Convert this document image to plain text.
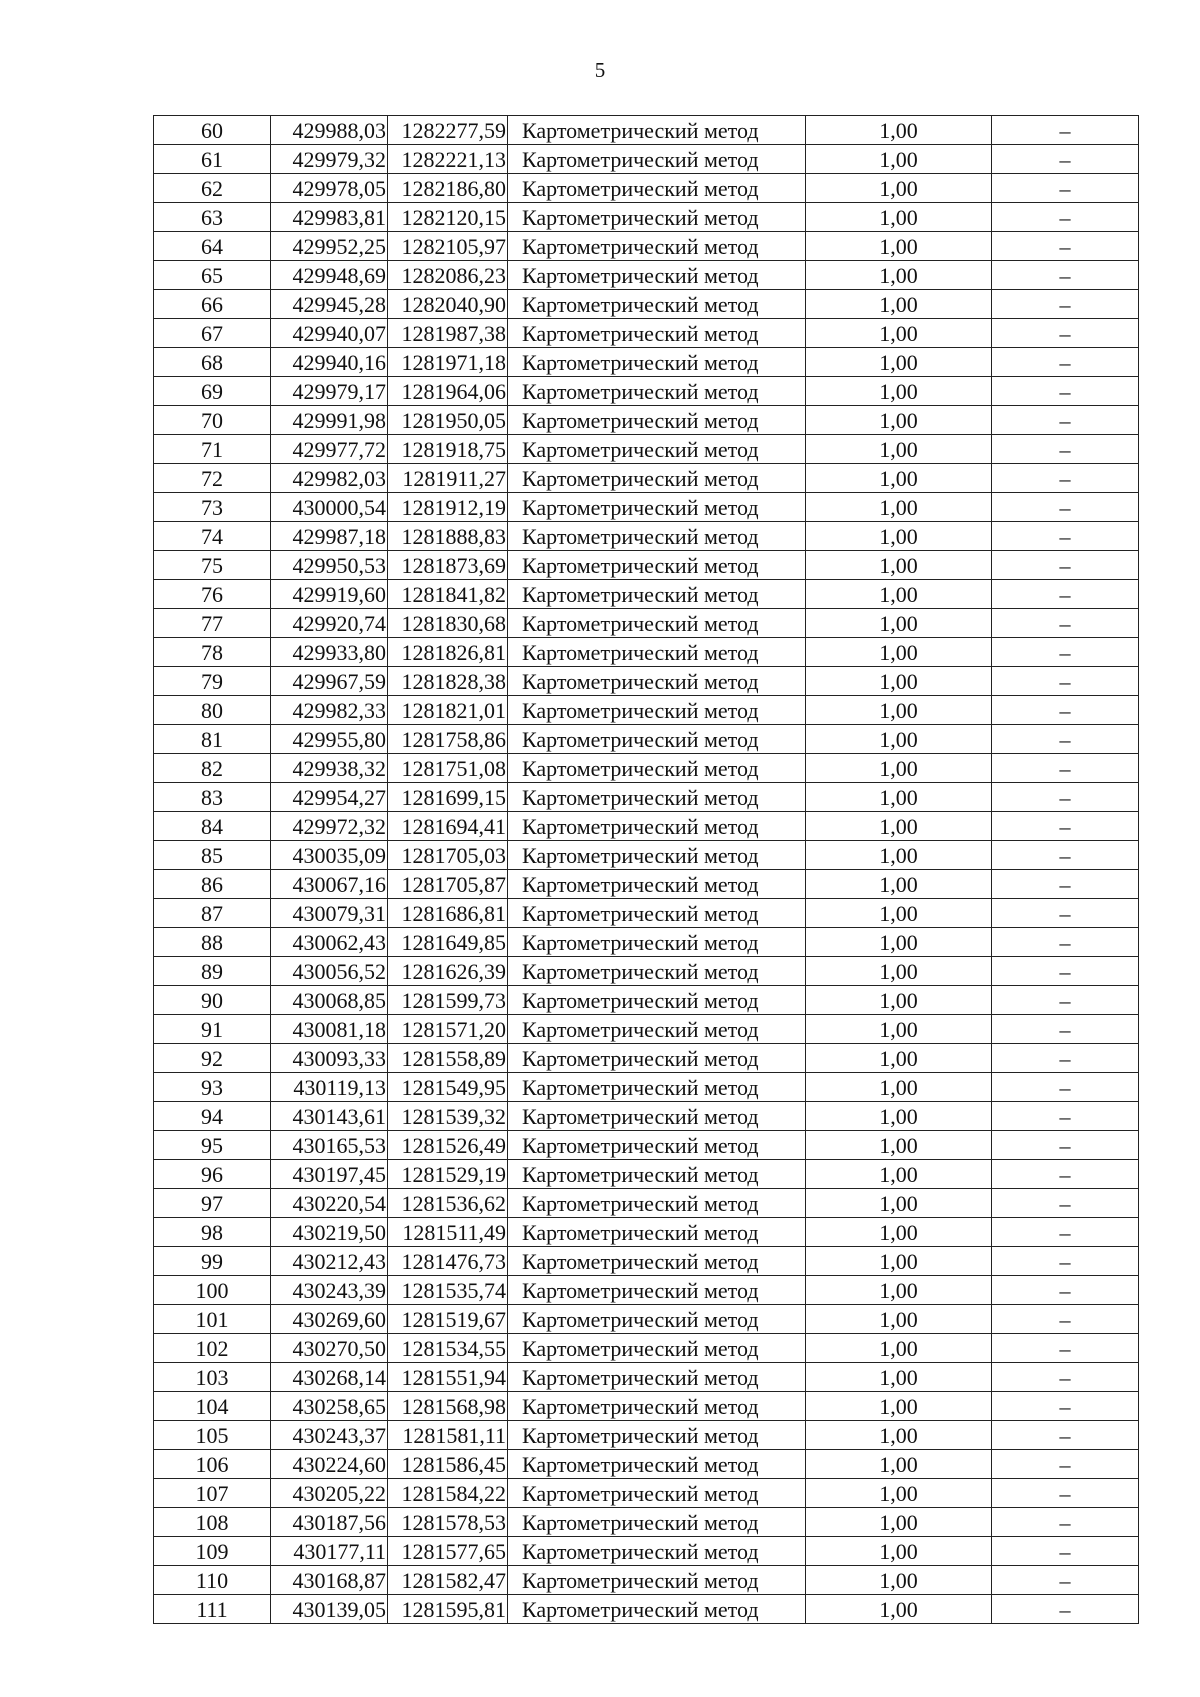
5
60	429988,03	1282277,59	Картометрический метод	1,00	–
61	429979,32	1282221,13	Картометрический метод	1,00	–
62	429978,05	1282186,80	Картометрический метод	1,00	–
63	429983,81	1282120,15	Картометрический метод	1,00	–
64	429952,25	1282105,97	Картометрический метод	1,00	–
65	429948,69	1282086,23	Картометрический метод	1,00	–
66	429945,28	1282040,90	Картометрический метод	1,00	–
67	429940,07	1281987,38	Картометрический метод	1,00	–
68	429940,16	1281971,18	Картометрический метод	1,00	–
69	429979,17	1281964,06	Картометрический метод	1,00	–
70	429991,98	1281950,05	Картометрический метод	1,00	–
71	429977,72	1281918,75	Картометрический метод	1,00	–
72	429982,03	1281911,27	Картометрический метод	1,00	–
73	430000,54	1281912,19	Картометрический метод	1,00	–
74	429987,18	1281888,83	Картометрический метод	1,00	–
75	429950,53	1281873,69	Картометрический метод	1,00	–
76	429919,60	1281841,82	Картометрический метод	1,00	–
77	429920,74	1281830,68	Картометрический метод	1,00	–
78	429933,80	1281826,81	Картометрический метод	1,00	–
79	429967,59	1281828,38	Картометрический метод	1,00	–
80	429982,33	1281821,01	Картометрический метод	1,00	–
81	429955,80	1281758,86	Картометрический метод	1,00	–
82	429938,32	1281751,08	Картометрический метод	1,00	–
83	429954,27	1281699,15	Картометрический метод	1,00	–
84	429972,32	1281694,41	Картометрический метод	1,00	–
85	430035,09	1281705,03	Картометрический метод	1,00	–
86	430067,16	1281705,87	Картометрический метод	1,00	–
87	430079,31	1281686,81	Картометрический метод	1,00	–
88	430062,43	1281649,85	Картометрический метод	1,00	–
89	430056,52	1281626,39	Картометрический метод	1,00	–
90	430068,85	1281599,73	Картометрический метод	1,00	–
91	430081,18	1281571,20	Картометрический метод	1,00	–
92	430093,33	1281558,89	Картометрический метод	1,00	–
93	430119,13	1281549,95	Картометрический метод	1,00	–
94	430143,61	1281539,32	Картометрический метод	1,00	–
95	430165,53	1281526,49	Картометрический метод	1,00	–
96	430197,45	1281529,19	Картометрический метод	1,00	–
97	430220,54	1281536,62	Картометрический метод	1,00	–
98	430219,50	1281511,49	Картометрический метод	1,00	–
99	430212,43	1281476,73	Картометрический метод	1,00	–
100	430243,39	1281535,74	Картометрический метод	1,00	–
101	430269,60	1281519,67	Картометрический метод	1,00	–
102	430270,50	1281534,55	Картометрический метод	1,00	–
103	430268,14	1281551,94	Картометрический метод	1,00	–
104	430258,65	1281568,98	Картометрический метод	1,00	–
105	430243,37	1281581,11	Картометрический метод	1,00	–
106	430224,60	1281586,45	Картометрический метод	1,00	–
107	430205,22	1281584,22	Картометрический метод	1,00	–
108	430187,56	1281578,53	Картометрический метод	1,00	–
109	430177,11	1281577,65	Картометрический метод	1,00	–
110	430168,87	1281582,47	Картометрический метод	1,00	–
111	430139,05	1281595,81	Картометрический метод	1,00	–
